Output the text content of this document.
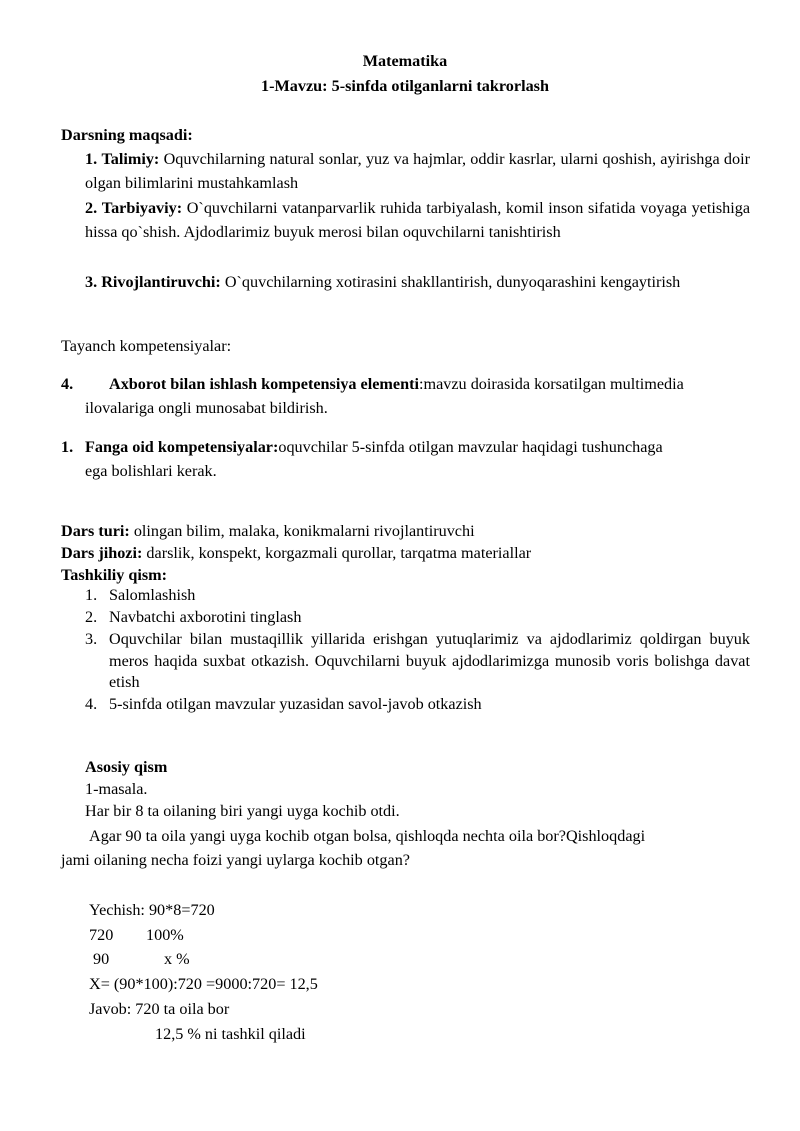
Matematika
1-Mavzu: 5-sinfda otilganlarni takrorlash
Darsning maqsadi:

1. Talimiy: Oquvchilarning natural sonlar, yuz va hajmlar, oddir kasrlar, ularni qoshish, ayirishga doir olgan bilimlarini mustahkamlash

2. Tarbiyaviy: O`quvchilarni vatanparvarlik ruhida tarbiyalash, komil inson sifatida voyaga yetishiga hissa qo`shish. Ajdodlarimiz buyuk merosi bilan oquvchilarni tanishtirish

3. Rivojlantiruvchi: O`quvchilarning xotirasini shakllantirish, dunyoqarashini kengaytirish

Tayanch kompetensiyalar:
4.	Axborot bilan ishlash kompetensiya elementi:mavzu doirasida korsatilgan multimedia ilovalariga ongli munosabat bildirish.
1. Fanga oid kompetensiyalar:oquvchilar 5-sinfda otilgan mavzular haqidagi tushunchaga ega bolishlari kerak.
Dars turi: olingan bilim, malaka, konikmalarni rivojlantiruvchi
Dars jihozi: darslik, konspekt, korgazmali qurollar, tarqatma materiallar
Tashkiliy qism:
1. Salomlashish
2. Navbatchi axborotini tinglash
3. Oquvchilar bilan mustaqillik yillarida erishgan yutuqlarimiz va ajdodlarimiz qoldirgan buyuk meros haqida suxbat otkazish. Oquvchilarni buyuk ajdodlarimizga munosib voris bolishga davat etish
4. 5-sinfda otilgan mavzular yuzasidan savol-javob otkazish
Asosiy qism
1-masala.
Har bir 8 ta oilaning biri yangi uyga kochib otdi.
Agar 90 ta oila yangi uyga kochib otgan bolsa, qishloqda nechta oila bor?Qishloqdagi
jami oilaning necha foizi yangi uylarga kochib otgan?
Yechish: 90*8=720
720 100%
90	x %
X= (90*100):720 =9000:720= 12,5
Javob: 720 ta oila bor
12,5 % ni tashkil qiladi
